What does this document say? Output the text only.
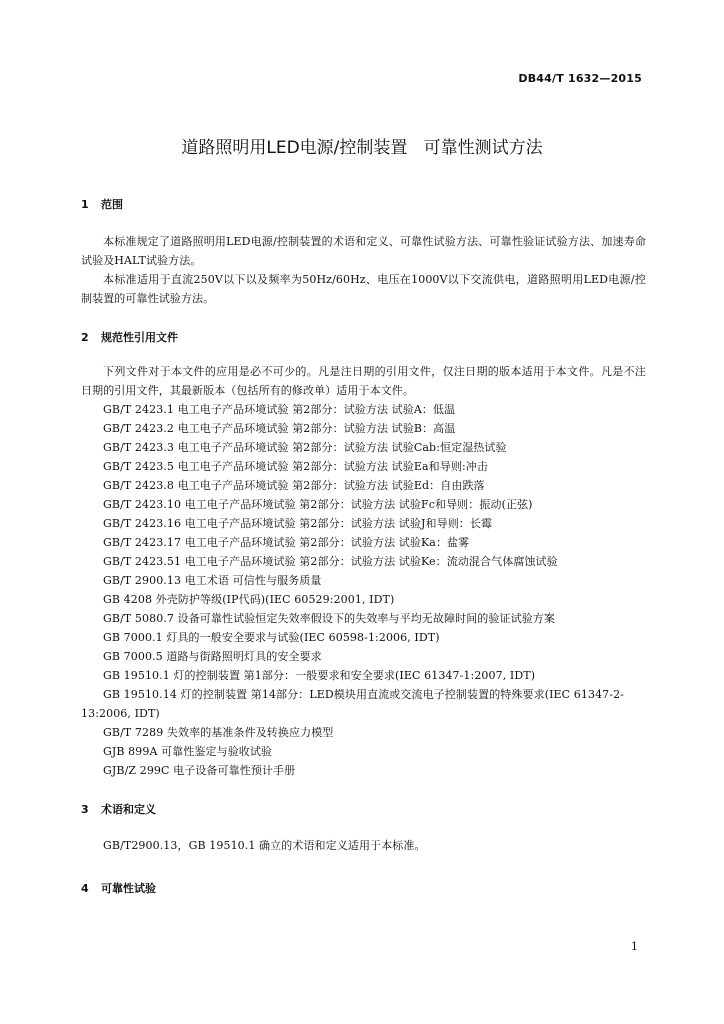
DB44/T 1632—2015
道路照明用LED电源/控制装置   可靠性测试方法
1 范围

本标准规定了道路照明用LED电源/控制装置的术语和定义、可靠性试验方法、可靠性验证试验方法、加速寿命试验及HALT试验方法。

本标准适用于直流250V以下以及频率为50Hz/60Hz、电压在1000V以下交流供电，道路照明用LED电源/控制装置的可靠性试验方法。

2 规范性引用文件

下列文件对于本文件的应用是必不可少的。凡是注日期的引用文件，仅注日期的版本适用于本文件。凡是不注日期的引用文件，其最新版本（包括所有的修改单）适用于本文件。

GB/T 2423.1 电工电子产品环境试验 第2部分：试验方法 试验A：低温
GB/T 2423.2 电工电子产品环境试验 第2部分：试验方法 试验B：高温
GB/T 2423.3 电工电子产品环境试验 第2部分：试验方法 试验Cab:恒定湿热试验
GB/T 2423.5 电工电子产品环境试验 第2部分：试验方法 试验Ea和导则:冲击
GB/T 2423.8 电工电子产品环境试验 第2部分：试验方法 试验Ed：自由跌落
GB/T 2423.10 电工电子产品环境试验 第2部分：试验方法 试验Fc和导则：振动(正弦)
GB/T 2423.16 电工电子产品环境试验 第2部分：试验方法 试验J和导则：长霉
GB/T 2423.17 电工电子产品环境试验 第2部分：试验方法 试验Ka：盐雾
GB/T 2423.51 电工电子产品环境试验 第2部分：试验方法 试验Ke：流动混合气体腐蚀试验
GB/T 2900.13 电工术语 可信性与服务质量
GB 4208 外壳防护等级(IP代码)(IEC 60529:2001, IDT)
GB/T 5080.7 设备可靠性试验恒定失效率假设下的失效率与平均无故障时间的验证试验方案
GB 7000.1 灯具的一般安全要求与试验(IEC 60598-1:2006, IDT)
GB 7000.5 道路与街路照明灯具的安全要求
GB 19510.1 灯的控制装置 第1部分：一般要求和安全要求(IEC 61347-1:2007, IDT)
GB 19510.14 灯的控制装置 第14部分：LED模块用直流或交流电子控制装置的特殊要求(IEC 61347-2-13:2006, IDT)
GB/T 7289 失效率的基准条件及转换应力模型
GJB 899A 可靠性鉴定与验收试验
GJB/Z 299C 电子设备可靠性预计手册
3 术语和定义

GB/T2900.13，GB 19510.1 确立的术语和定义适用于本标准。

4 可靠性试验
1
